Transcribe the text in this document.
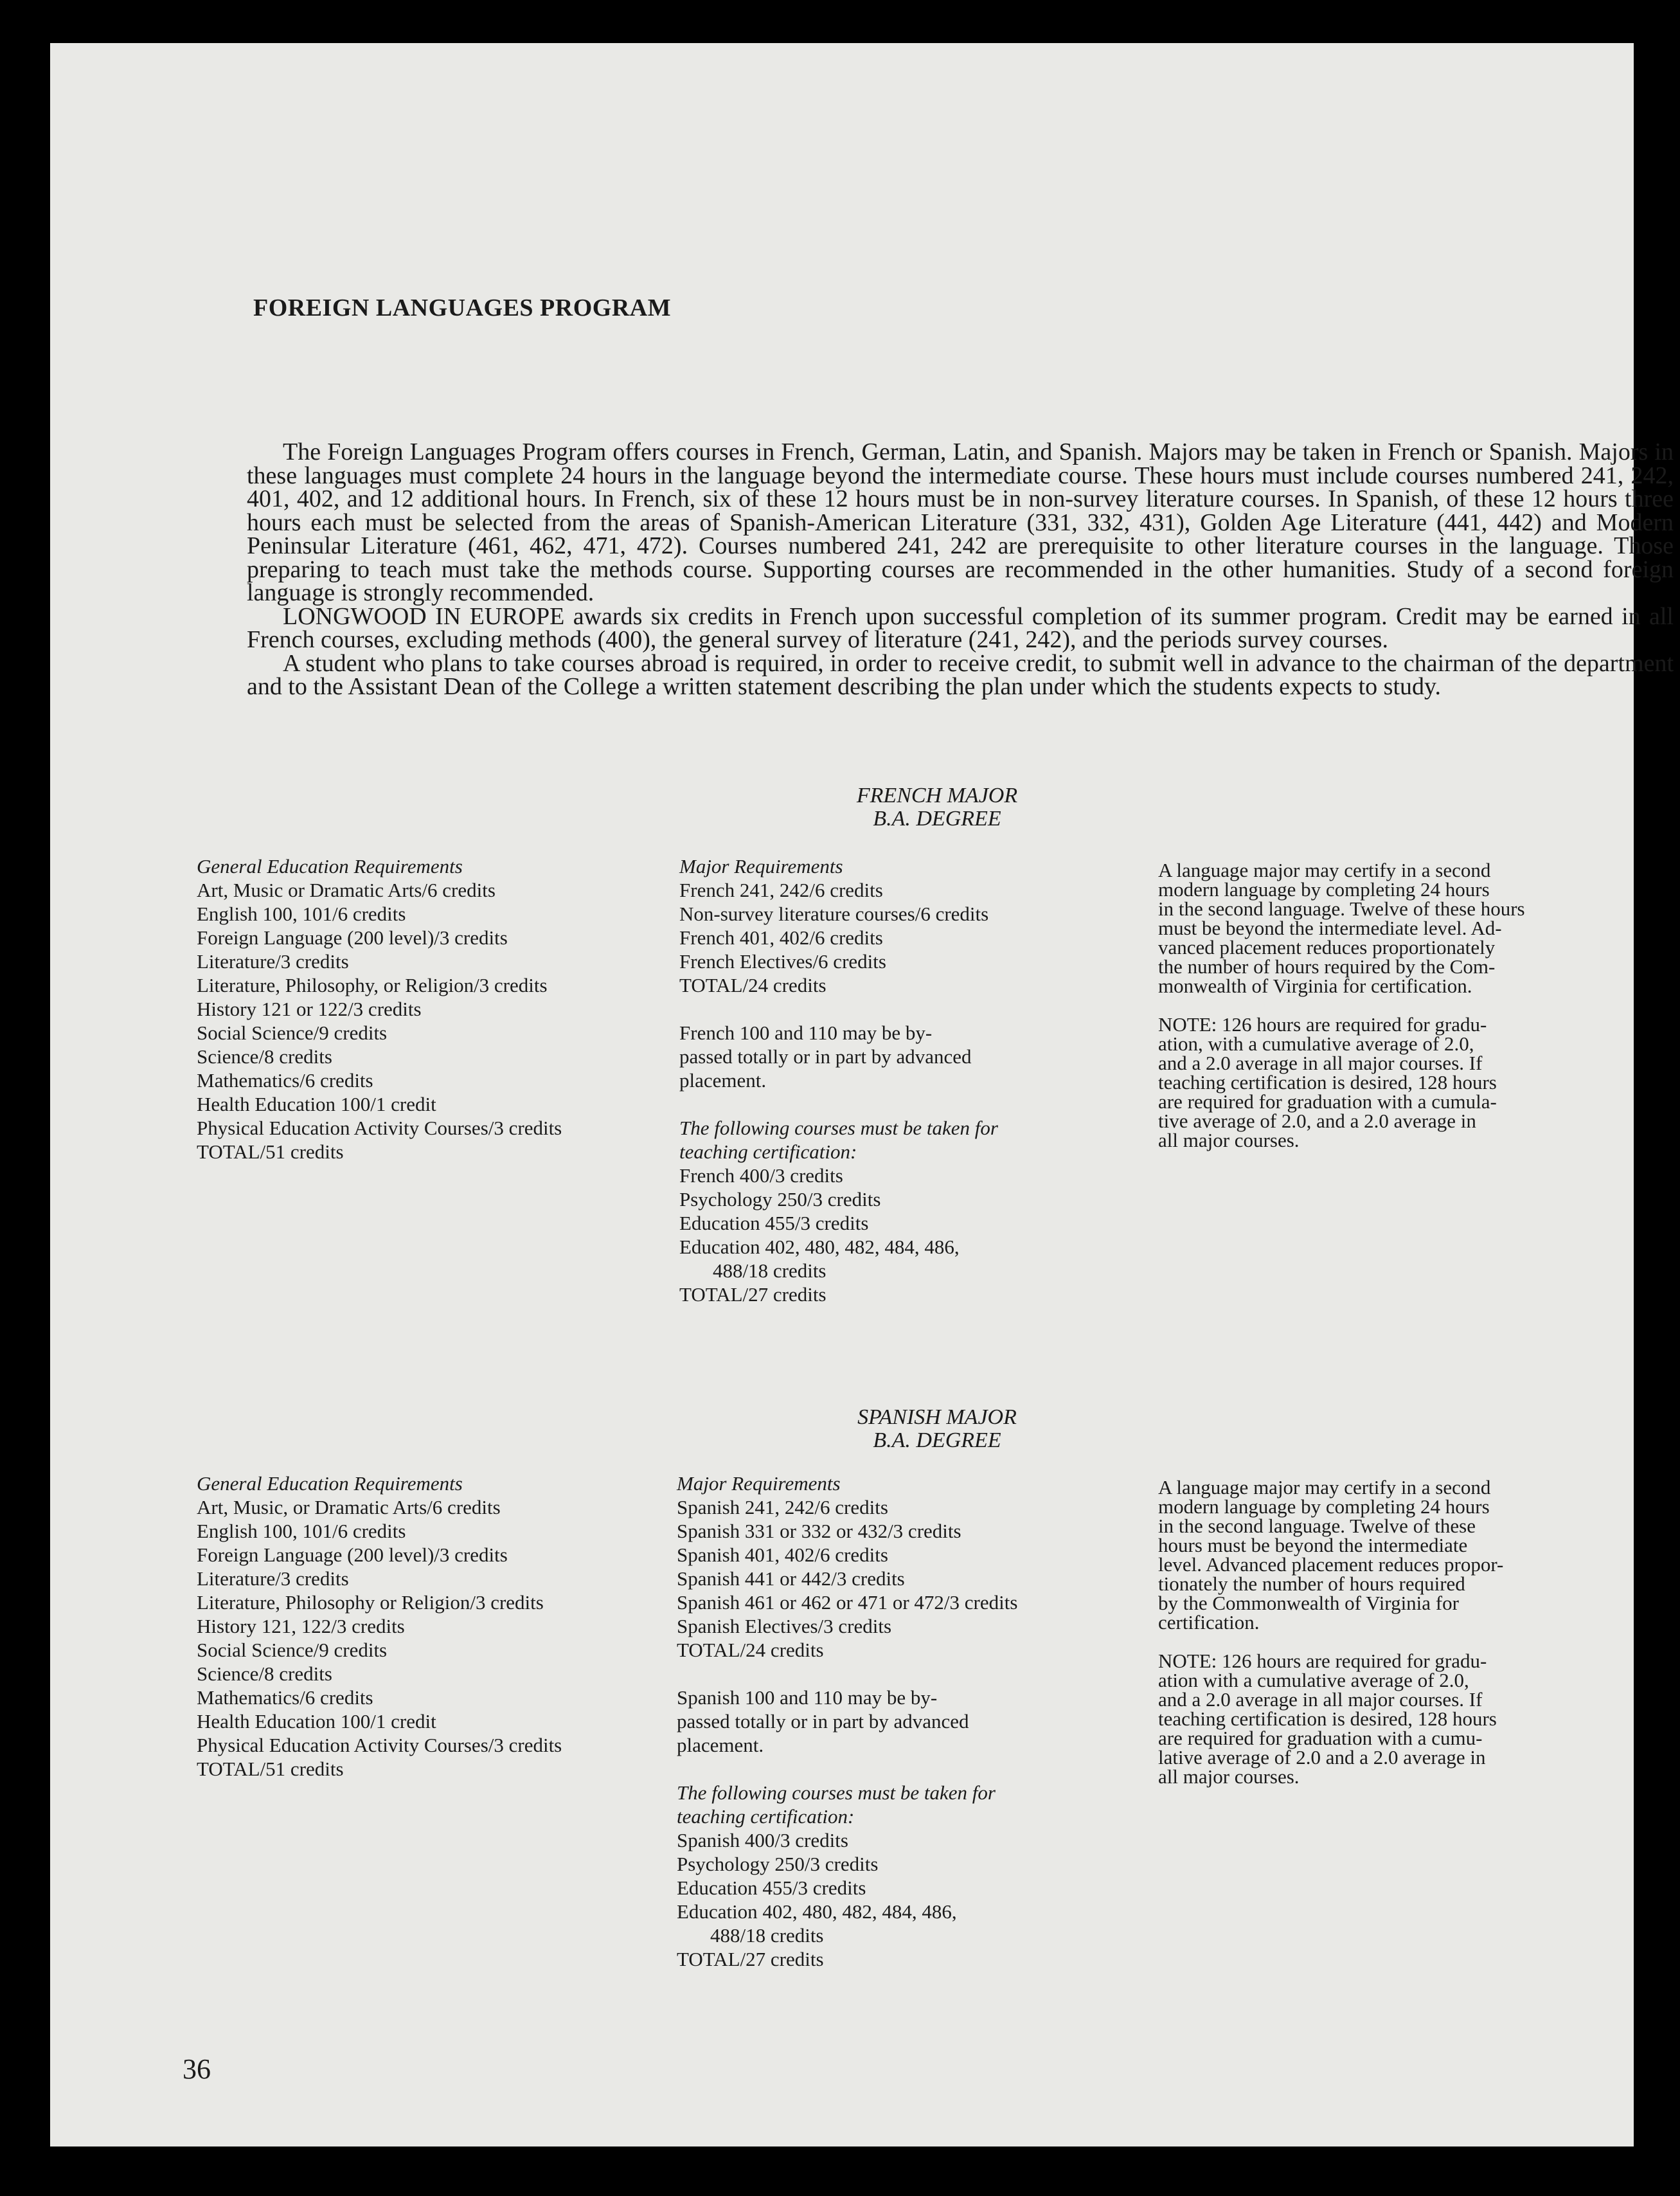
FOREIGN LANGUAGES PROGRAM

The Foreign Languages Program offers courses in French, German, Latin, and Spanish. Majors may be taken in French or Spanish. Majors in these languages must complete 24 hours in the language beyond the intermediate course. These hours must include courses numbered 241, 242, 401, 402, and 12 additional hours. In French, six of these 12 hours must be in non-survey literature courses. In Spanish, of these 12 hours three hours each must be selected from the areas of Spanish-American Literature (331, 332, 431), Golden Age Literature (441, 442) and Modern Peninsular Literature (461, 462, 471, 472). Courses numbered 241, 242 are prerequisite to other literature courses in the language. Those preparing to teach must take the methods course. Supporting courses are recommended in the other humanities. Study of a second foreign language is strongly recommended.

LONGWOOD IN EUROPE awards six credits in French upon successful completion of its summer program. Credit may be earned in all French courses, excluding methods (400), the general survey of literature (241, 242), and the periods survey courses.

A student who plans to take courses abroad is required, in order to receive credit, to submit well in advance to the chairman of the department and to the Assistant Dean of the College a written statement describing the plan under which the students expects to study.

FRENCH MAJOR
B.A. DEGREE
General Education Requirements
Art, Music or Dramatic Arts/6 credits
English 100, 101/6 credits
Foreign Language (200 level)/3 credits
Literature/3 credits
Literature, Philosophy, or Religion/3 credits
History 121 or 122/3 credits
Social Science/9 credits
Science/8 credits
Mathematics/6 credits
Health Education 100/1 credit
Physical Education Activity Courses/3 credits
TOTAL/51 credits
Major Requirements
French 241, 242/6 credits
Non-survey literature courses/6 credits
French 401, 402/6 credits
French Electives/6 credits
TOTAL/24 credits
French 100 and 110 may be by-
passed totally or in part by advanced
placement.
The following courses must be taken for
teaching certification:
French 400/3 credits
Psychology 250/3 credits
Education 455/3 credits
Education 402, 480, 482, 484, 486,
488/18 credits
TOTAL/27 credits
A language major may certify in a second
modern language by completing 24 hours
in the second language. Twelve of these hours
must be beyond the intermediate level. Ad-
vanced placement reduces proportionately
the number of hours required by the Com-
monwealth of Virginia for certification.
NOTE: 126 hours are required for gradu-
ation, with a cumulative average of 2.0,
and a 2.0 average in all major courses. If
teaching certification is desired, 128 hours
are required for graduation with a cumula-
tive average of 2.0, and a 2.0 average in
all major courses.
SPANISH MAJOR
B.A. DEGREE
General Education Requirements
Art, Music, or Dramatic Arts/6 credits
English 100, 101/6 credits
Foreign Language (200 level)/3 credits
Literature/3 credits
Literature, Philosophy or Religion/3 credits
History 121, 122/3 credits
Social Science/9 credits
Science/8 credits
Mathematics/6 credits
Health Education 100/1 credit
Physical Education Activity Courses/3 credits
TOTAL/51 credits
Major Requirements
Spanish 241, 242/6 credits
Spanish 331 or 332 or 432/3 credits
Spanish 401, 402/6 credits
Spanish 441 or 442/3 credits
Spanish 461 or 462 or 471 or 472/3 credits
Spanish Electives/3 credits
TOTAL/24 credits
Spanish 100 and 110 may be by-
passed totally or in part by advanced
placement.
The following courses must be taken for
teaching certification:
Spanish 400/3 credits
Psychology 250/3 credits
Education 455/3 credits
Education 402, 480, 482, 484, 486,
488/18 credits
TOTAL/27 credits
A language major may certify in a second
modern language by completing 24 hours
in the second language. Twelve of these
hours must be beyond the intermediate
level. Advanced placement reduces propor-
tionately the number of hours required
by the Commonwealth of Virginia for
certification.
NOTE: 126 hours are required for gradu-
ation with a cumulative average of 2.0,
and a 2.0 average in all major courses. If
teaching certification is desired, 128 hours
are required for graduation with a cumu-
lative average of 2.0 and a 2.0 average in
all major courses.
36
